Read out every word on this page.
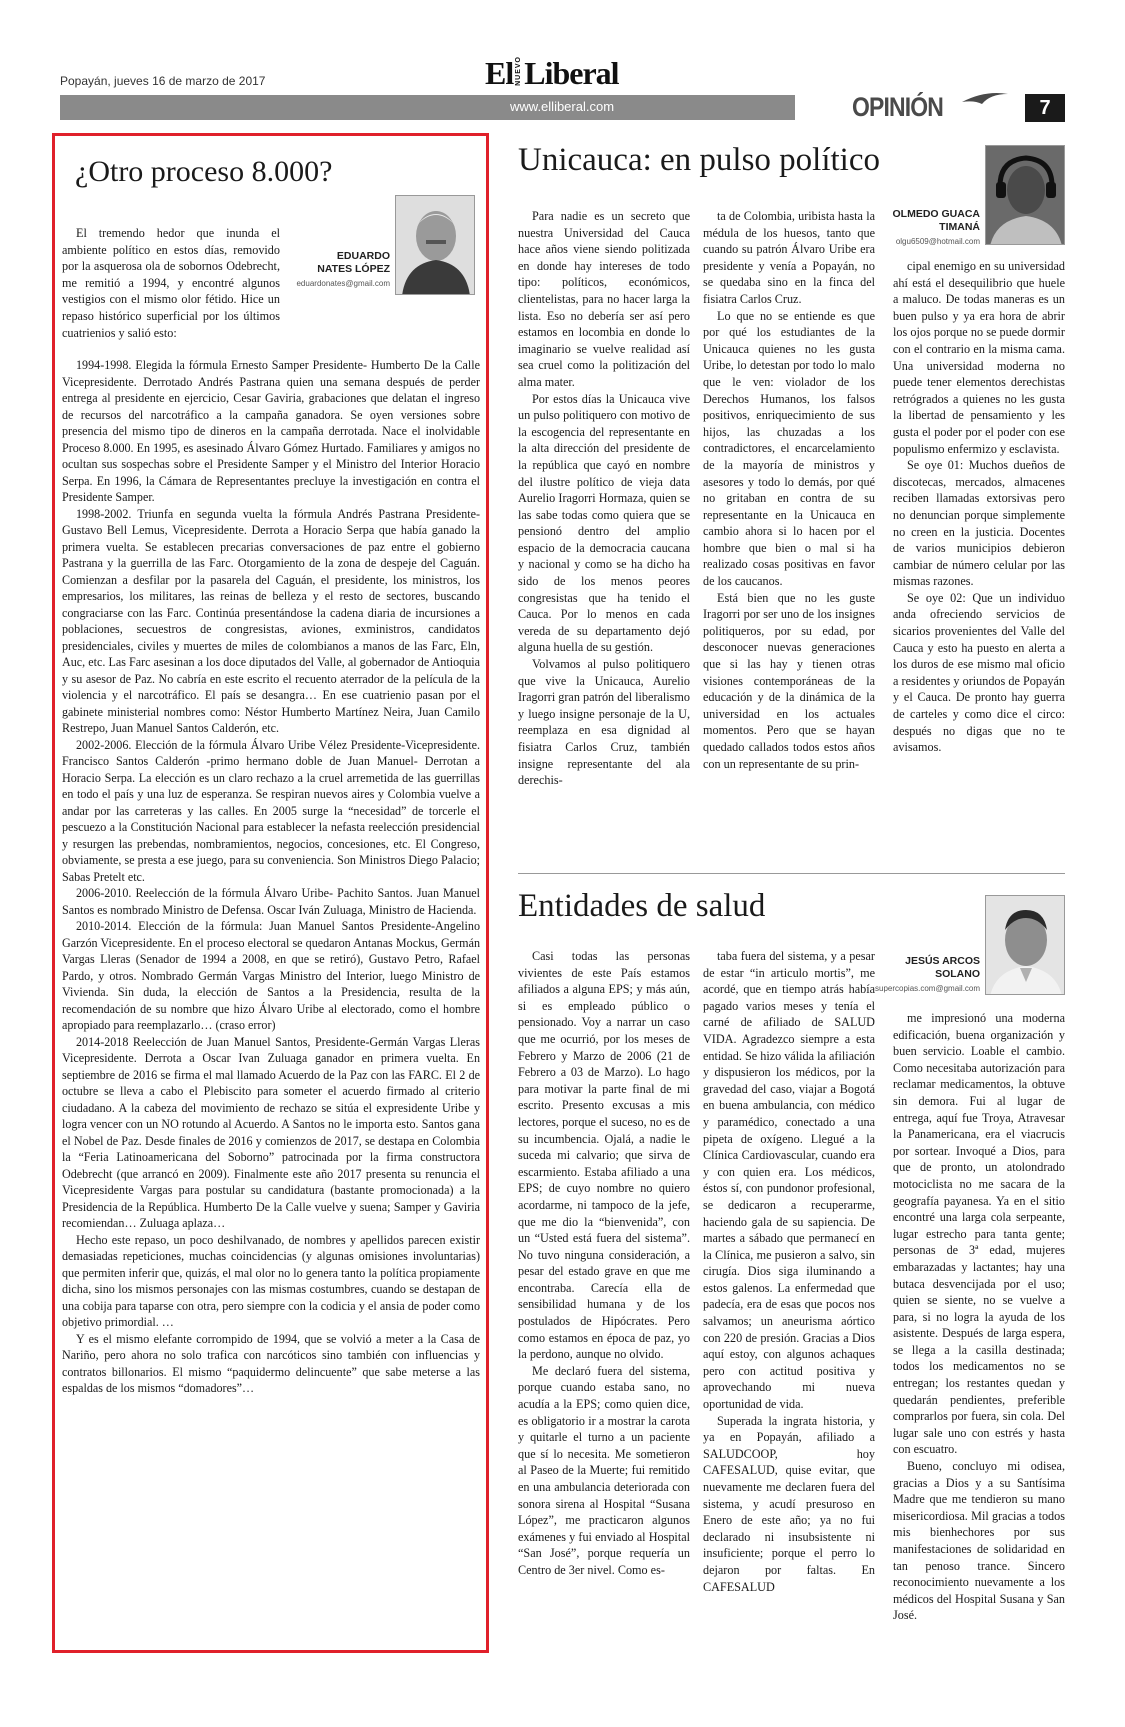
Popayán, jueves 16 de marzo de 2017	El NUEVO Liberal
www.elliberal.com	OPINIÓN	7
¿Otro proceso 8.000?
EDUARDO
NATES LÓPEZ
eduardonates@gmail.com

El tremendo hedor que inunda el ambiente político en estos días, removido por la asquerosa ola de sobornos Odebrecht, me remitió a 1994, y encontré algunos vestigios con el mismo olor fétido. Hice un repaso histórico superficial por los últimos cuatrienios y salió esto:

1994-1998. Elegida la fórmula Ernesto Samper Presidente- Humberto De la Calle Vicepresidente. Derrotado Andrés Pastrana quien una semana después de perder entrega al presidente en ejercicio, Cesar Gaviria, grabaciones que delatan el ingreso de recursos del narcotráfico a la campaña ganadora. Se oyen versiones sobre presencia del mismo tipo de dineros en la campaña derrotada. Nace el inolvidable Proceso 8.000. En 1995, es asesinado Álvaro Gómez Hurtado. Familiares y amigos no ocultan sus sospechas sobre el Presidente Samper y el Ministro del Interior Horacio Serpa. En 1996, la Cámara de Representantes precluye la investigación en contra el Presidente Samper.

1998-2002. Triunfa en segunda vuelta la fórmula Andrés Pastrana Presidente-Gustavo Bell Lemus, Vicepresidente. Derrota a Horacio Serpa que había ganado la primera vuelta. Se establecen precarias conversaciones de paz entre el gobierno Pastrana y la guerrilla de las Farc. Otorgamiento de la zona de despeje del Caguán. Comienzan a desfilar por la pasarela del Caguán, el presidente, los ministros, los empresarios, los militares, las reinas de belleza y el resto de sectores, buscando congraciarse con las Farc. Continúa presentándose la cadena diaria de incursiones a poblaciones, secuestros de congresistas, aviones, exministros, candidatos presidenciales, civiles y muertes de miles de colombianos a manos de las Farc, Eln, Auc, etc. Las Farc asesinan a los doce diputados del Valle, al gobernador de Antioquia y su asesor de Paz. No cabría en este escrito el recuento aterrador de la película de la violencia y el narcotráfico. El país se desangra… En ese cuatrienio pasan por el gabinete ministerial nombres como: Néstor Humberto Martínez Neira, Juan Camilo Restrepo, Juan Manuel Santos Calderón, etc.

2002-2006. Elección de la fórmula Álvaro Uribe Vélez Presidente-Vicepresidente. Francisco Santos Calderón -primo hermano doble de Juan Manuel- Derrotan a Horacio Serpa. La elección es un claro rechazo a la cruel arremetida de las guerrillas en todo el país y una luz de esperanza. Se respiran nuevos aires y Colombia vuelve a andar por las carreteras y las calles. En 2005 surge la “necesidad” de torcerle el pescuezo a la Constitución Nacional para establecer la nefasta reelección presidencial y resurgen las prebendas, nombramientos, negocios, concesiones, etc. El Congreso, obviamente, se presta a ese juego, para su conveniencia. Son Ministros Diego Palacio; Sabas Pretelt etc.

2006-2010. Reelección de la fórmula Álvaro Uribe- Pachito Santos. Juan Manuel Santos es nombrado Ministro de Defensa. Oscar Iván Zuluaga, Ministro de Hacienda.

2010-2014. Elección de la fórmula: Juan Manuel Santos Presidente-Angelino Garzón Vicepresidente. En el proceso electoral se quedaron Antanas Mockus, Germán Vargas Lleras (Senador de 1994 a 2008, en que se retiró), Gustavo Petro, Rafael Pardo, y otros. Nombrado Germán Vargas Ministro del Interior, luego Ministro de Vivienda. Sin duda, la elección de Santos a la Presidencia, resulta de la recomendación de su nombre que hizo Álvaro Uribe al electorado, como el hombre apropiado para reemplazarlo… (craso error)

2014-2018 Reelección de Juan Manuel Santos, Presidente-Germán Vargas Lleras Vicepresidente. Derrota a Oscar Ivan Zuluaga ganador en primera vuelta. En septiembre de 2016 se firma el mal llamado Acuerdo de la Paz con las FARC. El 2 de octubre se lleva a cabo el Plebiscito para someter el acuerdo firmado al criterio ciudadano. A la cabeza del movimiento de rechazo se sitúa el expresidente Uribe y logra vencer con un NO rotundo al Acuerdo. A Santos no le importa esto. Santos gana el Nobel de Paz. Desde finales de 2016 y comienzos de 2017, se destapa en Colombia la “Feria Latinoamericana del Soborno” patrocinada por la firma constructora Odebrecht (que arrancó en 2009). Finalmente este año 2017 presenta su renuncia el Vicepresidente Vargas para postular su candidatura (bastante promocionada) a la Presidencia de la República. Humberto De la Calle vuelve y suena; Samper y Gaviria recomiendan… Zuluaga aplaza…

Hecho este repaso, un poco deshilvanado, de nombres y apellidos parecen existir demasiadas repeticiones, muchas coincidencias (y algunas omisiones involuntarias) que permiten inferir que, quizás, el mal olor no lo genera tanto la política propiamente dicha, sino los mismos personajes con las mismas costumbres, cuando se destapan de una cobija para taparse con otra, pero siempre con la codicia y el ansia de poder como objetivo primordial. …

Y es el mismo elefante corrompido de 1994, que se volvió a meter a la Casa de Nariño, pero ahora no solo trafica con narcóticos sino también con influencias y contratos billonarios. El mismo “paquidermo delincuente” que sabe meterse a las espaldas de los mismos “domadores”…

Unicauca: en pulso político
OLMEDO GUACA
TIMANÁ
olgu6509@hotmail.com

Para nadie es un secreto que nuestra Universidad del Cauca hace años viene siendo politizada en donde hay intereses de todo tipo: políticos, económicos, clientelistas, para no hacer larga la lista. Eso no debería ser así pero estamos en locombia en donde lo imaginario se vuelve realidad así sea cruel como la politización del alma mater.

Por estos días la Unicauca vive un pulso politiquero con motivo de la escogencia del representante en la alta dirección del presidente de la república que cayó en nombre del ilustre político de vieja data Aurelio Iragorri Hormaza, quien se las sabe todas como quiera que se pensionó dentro del amplio espacio de la democracia caucana y nacional y como se ha dicho ha sido de los menos peores congresistas que ha tenido el Cauca. Por lo menos en cada vereda de su departamento dejó alguna huella de su gestión.

Volvamos al pulso politiquero que vive la Unicauca, Aurelio Iragorri gran patrón del liberalismo y luego insigne personaje de la U, reemplaza en esa dignidad al fisiatra Carlos Cruz, también insigne representante del ala derechis-

ta de Colombia, uribista hasta la médula de los huesos, tanto que cuando su patrón Álvaro Uribe era presidente y venía a Popayán, no se quedaba sino en la finca del fisiatra Carlos Cruz.

Lo que no se entiende es que por qué los estudiantes de la Unicauca quienes no les gusta Uribe, lo detestan por todo lo malo que le ven: violador de los Derechos Humanos, los falsos positivos, enriquecimiento de sus hijos, las chuzadas a los contradictores, el encarcelamiento de la mayoría de ministros y asesores y todo lo demás, por qué no gritaban en contra de su representante en la Unicauca en cambio ahora si lo hacen por el hombre que bien o mal si ha realizado cosas positivas en favor de los caucanos.

Está bien que no les guste Iragorri por ser uno de los insignes politiqueros, por su edad, por desconocer nuevas generaciones que si las hay y tienen otras visiones contemporáneas de la educación y de la dinámica de la universidad en los actuales momentos. Pero que se hayan quedado callados todos estos años con un representante de su prin-

cipal enemigo en su universidad ahí está el desequilibrio que huele a maluco. De todas maneras es un buen pulso y ya era hora de abrir los ojos porque no se puede dormir con el contrario en la misma cama. Una universidad moderna no puede tener elementos derechistas retrógrados a quienes no les gusta la libertad de pensamiento y les gusta el poder por el poder con ese populismo enfermizo y esclavista.

Se oye 01: Muchos dueños de discotecas, mercados, almacenes reciben llamadas extorsivas pero no denuncian porque simplemente no creen en la justicia. Docentes de varios municipios debieron cambiar de número celular por las mismas razones.

Se oye 02: Que un individuo anda ofreciendo servicios de sicarios provenientes del Valle del Cauca y esto ha puesto en alerta a los duros de ese mismo mal oficio a residentes y oriundos de Popayán y el Cauca. De pronto hay guerra de carteles y como dice el circo: después no digas que no te avisamos.

Entidades de salud
JESÚS ARCOS
SOLANO
supercopias.com@gmail.com

Casi todas las personas vivientes de este País estamos afiliados a alguna EPS; y más aún, si es empleado público o pensionado. Voy a narrar un caso que me ocurrió, por los meses de Febrero y Marzo de 2006 (21 de Febrero a 03 de Marzo). Lo hago para motivar la parte final de mi escrito. Presento excusas a mis lectores, porque el suceso, no es de su incumbencia. Ojalá, a nadie le suceda mi calvario; que sirva de escarmiento. Estaba afiliado a una EPS; de cuyo nombre no quiero acordarme, ni tampoco de la jefe, que me dio la “bienvenida”, con un “Usted está fuera del sistema”. No tuvo ninguna consideración, a pesar del estado grave en que me encontraba. Carecía ella de sensibilidad humana y de los postulados de Hipócrates. Pero como estamos en época de paz, yo la perdono, aunque no olvido.

Me declaró fuera del sistema, porque cuando estaba sano, no acudía a la EPS; como quien dice, es obligatorio ir a mostrar la carota y quitarle el turno a un paciente que sí lo necesita. Me sometieron al Paseo de la Muerte; fui remitido en una ambulancia deteriorada con sonora sirena al Hospital “Susana López”, me practicaron algunos exámenes y fui enviado al Hospital “San José”, porque requería un Centro de 3er nivel. Como es-

taba fuera del sistema, y a pesar de estar “in articulo mortis”, me acordé, que en tiempo atrás había pagado varios meses y tenía el carné de afiliado de SALUD VIDA. Agradezco siempre a esta entidad. Se hizo válida la afiliación y dispusieron los médicos, por la gravedad del caso, viajar a Bogotá en buena ambulancia, con médico y paramédico, conectado a una pipeta de oxígeno. Llegué a la Clínica Cardiovascular, cuando era y con quien era. Los médicos, éstos sí, con pundonor profesional, se dedicaron a recuperarme, haciendo gala de su sapiencia. De martes a sábado que permanecí en la Clínica, me pusieron a salvo, sin cirugía. Dios siga iluminando a estos galenos. La enfermedad que padecía, era de esas que pocos nos salvamos; un aneurisma aórtico con 220 de presión. Gracias a Dios aquí estoy, con algunos achaques pero con actitud positiva y aprovechando mi nueva oportunidad de vida.

Superada la ingrata historia, y ya en Popayán, afiliado a SALUDCOOP, hoy CAFESALUD, quise evitar, que nuevamente me declaren fuera del sistema, y acudí presuroso en Enero de este año; ya no fui declarado ni insubsistente ni insuficiente; porque el perro lo dejaron por faltas. En CAFESALUD

me impresionó una moderna edificación, buena organización y buen servicio. Loable el cambio. Como necesitaba autorización para reclamar medicamentos, la obtuve sin demora. Fui al lugar de entrega, aquí fue Troya, Atravesar la Panamericana, era el viacrucis por sortear. Invoqué a Dios, para que de pronto, un atolondrado motociclista no me sacara de la geografía payanesa. Ya en el sitio encontré una larga cola serpeante, lugar estrecho para tanta gente; personas de 3ª edad, mujeres embarazadas y lactantes; hay una butaca desvencijada por el uso; quien se siente, no se vuelve a para, si no logra la ayuda de los asistente. Después de larga espera, se llega a la casilla destinada; todos los medicamentos no se entregan; los restantes quedan y quedarán pendientes, preferible comprarlos por fuera, sin cola. Del lugar sale uno con estrés y hasta con escuatro.

Bueno, concluyo mi odisea, gracias a Dios y a su Santísima Madre que me tendieron su mano misericordiosa. Mil gracias a todos mis bienhechores por sus manifestaciones de solidaridad en tan penoso trance. Sincero reconocimiento nuevamente a los médicos del Hospital Susana y San José.
